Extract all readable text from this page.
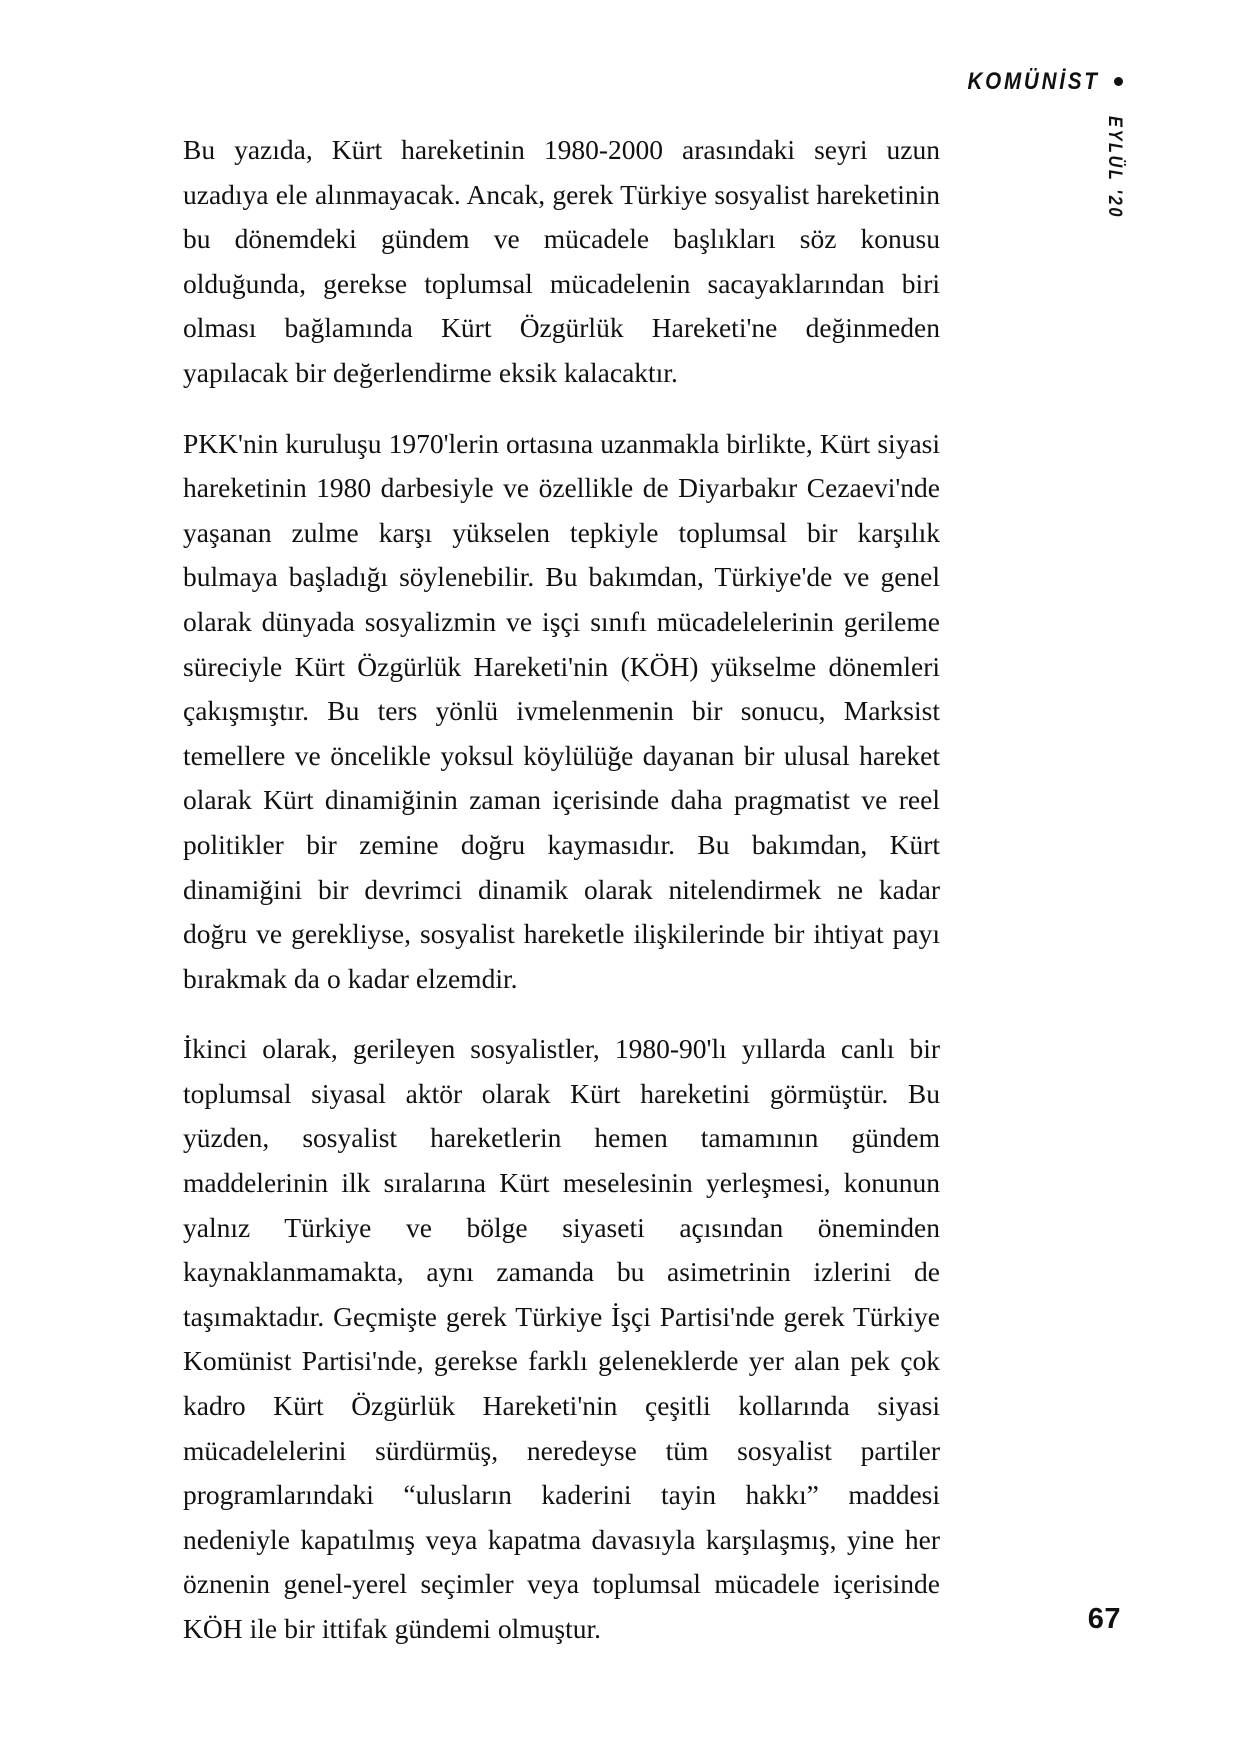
KOMÜNİST
EYLÜL '20

Bu yazıda, Kürt hareketinin 1980-2000 arasındaki seyri uzun uzadıya ele alınmayacak. Ancak, gerek Türkiye sosyalist hareketinin bu dönemdeki gündem ve mücadele başlıkları söz konusu olduğunda, gerekse toplumsal mücadelenin sacayaklarından biri olması bağlamında Kürt Özgürlük Hareketi'ne değinmeden yapılacak bir değerlendirme eksik kalacaktır.

PKK'nin kuruluşu 1970'lerin ortasına uzanmakla birlikte, Kürt siyasi hareketinin 1980 darbesiyle ve özellikle de Diyarbakır Cezaevi'nde yaşanan zulme karşı yükselen tepkiyle toplumsal bir karşılık bulmaya başladığı söylenebilir. Bu bakımdan, Türkiye'de ve genel olarak dünyada sosyalizmin ve işçi sınıfı mücadelelerinin gerileme süreciyle Kürt Özgürlük Hareketi'nin (KÖH) yükselme dönemleri çakışmıştır. Bu ters yönlü ivmelenmenin bir sonucu, Marksist temellere ve öncelikle yoksul köylülüğe dayanan bir ulusal hareket olarak Kürt dinamiğinin zaman içerisinde daha pragmatist ve reel politikler bir zemine doğru kaymasıdır. Bu bakımdan, Kürt dinamiğini bir devrimci dinamik olarak nitelendirmek ne kadar doğru ve gerekliyse, sosyalist hareketle ilişkilerinde bir ihtiyat payı bırakmak da o kadar elzemdir.

İkinci olarak, gerileyen sosyalistler, 1980-90'lı yıllarda canlı bir toplumsal siyasal aktör olarak Kürt hareketini görmüştür. Bu yüzden, sosyalist hareketlerin hemen tamamının gündem maddelerinin ilk sıralarına Kürt meselesinin yerleşmesi, konunun yalnız Türkiye ve bölge siyaseti açısından öneminden kaynaklanmamakta, aynı zamanda bu asimetrinin izlerini de taşımaktadır. Geçmişte gerek Türkiye İşçi Partisi'nde gerek Türkiye Komünist Partisi'nde, gerekse farklı geleneklerde yer alan pek çok kadro Kürt Özgürlük Hareketi'nin çeşitli kollarında siyasi mücadelelerini sürdürmüş, neredeyse tüm sosyalist partiler programlarındaki “ulusların kaderini tayin hakkı” maddesi nedeniyle kapatılmış veya kapatma davasıyla karşılaşmış, yine her öznenin genel-yerel seçimler veya toplumsal mücadele içerisinde KÖH ile bir ittifak gündemi olmuştur.	67
